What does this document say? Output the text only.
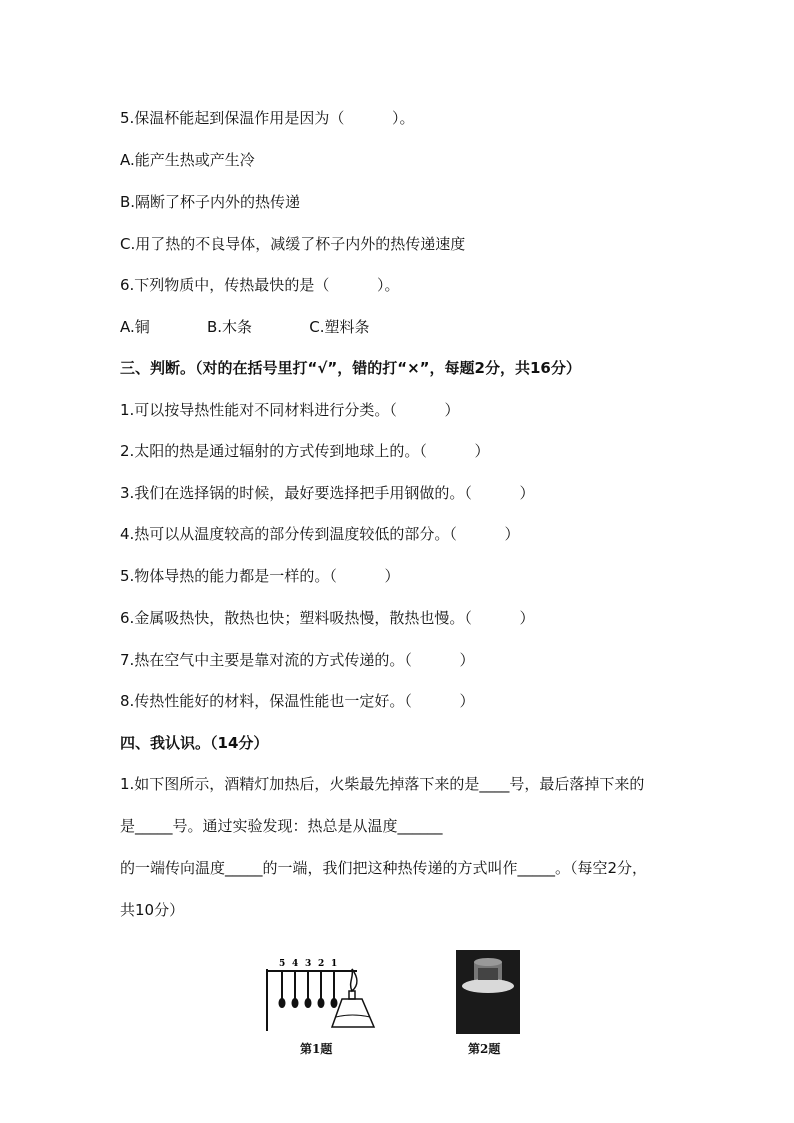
5.保温杯能起到保温作用是因为（          ）。
A.能产生热或产生冷
B.隔断了杯子内外的热传递
C.用了热的不良导体，减缓了杯子内外的热传递速度
6.下列物质中，传热最快的是（          ）。
A.铜            B.木条            C.塑料条
三、判断。（对的在括号里打“√”，错的打“×”，每题2分，共16分）
1.可以按导热性能对不同材料进行分类。（          ）
2.太阳的热是通过辐射的方式传到地球上的。（          ）
3.我们在选择锅的时候，最好要选择把手用钢做的。（          ）
4.热可以从温度较高的部分传到温度较低的部分。（          ）
5.物体导热的能力都是一样的。（          ）
6.金属吸热快，散热也快；塑料吸热慢，散热也慢。（          ）
7.热在空气中主要是靠对流的方式传递的。（          ）
8.传热性能好的材料，保温性能也一定好。（          ）
四、我认识。（14分）
1.如下图所示，酒精灯加热后，火柴最先掉落下来的是____号，最后落掉下来的
是_____号。通过实验发现：热总是从温度______
的一端传向温度_____的一端，我们把这种热传递的方式叫作_____。（每空2分，
共10分）
5 4 3 2 1
第1题	第2题
